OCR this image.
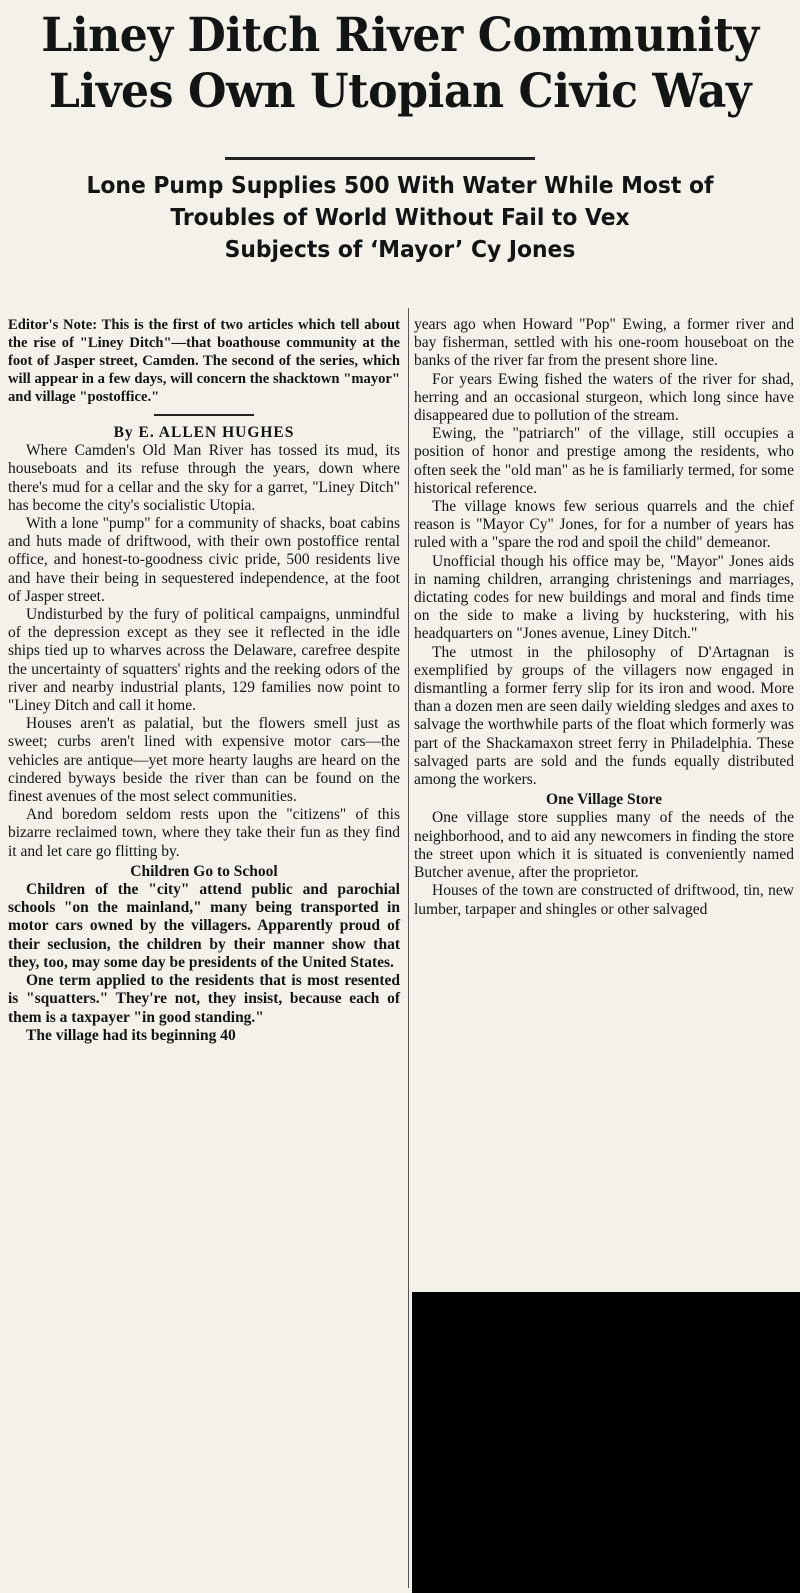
Liney Ditch River Community
Lives Own Utopian Civic Way
Lone Pump Supplies 500 With Water While Most of
Troubles of World Without Fail to Vex
Subjects of ‘Mayor’ Cy Jones

Editor's Note: This is the first of two articles which tell about the rise of "Liney Ditch"—that boathouse community at the foot of Jasper street, Camden. The second of the series, which will appear in a few days, will concern the shacktown "mayor" and village "postoffice."

By E. ALLEN HUGHES

Where Camden's Old Man River has tossed its mud, its houseboats and its refuse through the years, down where there's mud for a cellar and the sky for a garret, "Liney Ditch" has become the city's socialistic Utopia.

With a lone "pump" for a community of shacks, boat cabins and huts made of driftwood, with their own postoffice rental office, and honest-to-goodness civic pride, 500 residents live and have their being in sequestered independence, at the foot of Jasper street.

Undisturbed by the fury of political campaigns, unmindful of the depression except as they see it reflected in the idle ships tied up to wharves across the Delaware, carefree despite the uncertainty of squatters' rights and the reeking odors of the river and nearby industrial plants, 129 families now point to "Liney Ditch and call it home.

Houses aren't as palatial, but the flowers smell just as sweet; curbs aren't lined with expensive motor cars—the vehicles are antique—yet more hearty laughs are heard on the cindered byways beside the river than can be found on the finest avenues of the most select communities.

And boredom seldom rests upon the "citizens" of this bizarre reclaimed town, where they take their fun as they find it and let care go flitting by.

Children Go to School

Children of the "city" attend public and parochial schools "on the mainland," many being transported in motor cars owned by the villagers. Apparently proud of their seclusion, the children by their manner show that they, too, may some day be presidents of the United States.

One term applied to the residents that is most resented is "squatters." They're not, they insist, because each of them is a taxpayer "in good standing."

The village had its beginning 40

years ago when Howard "Pop" Ewing, a former river and bay fisherman, settled with his one-room houseboat on the banks of the river far from the present shore line.

For years Ewing fished the waters of the river for shad, herring and an occasional sturgeon, which long since have disappeared due to pollution of the stream.

Ewing, the "patriarch" of the village, still occupies a position of honor and prestige among the residents, who often seek the "old man" as he is familiarly termed, for some historical reference.

The village knows few serious quarrels and the chief reason is "Mayor Cy" Jones, for for a number of years has ruled with a "spare the rod and spoil the child" demeanor.

Unofficial though his office may be, "Mayor" Jones aids in naming children, arranging christenings and marriages, dictating codes for new buildings and moral and finds time on the side to make a living by huckstering, with his headquarters on "Jones avenue, Liney Ditch."

The utmost in the philosophy of D'Artagnan is exemplified by groups of the villagers now engaged in dismantling a former ferry slip for its iron and wood. More than a dozen men are seen daily wielding sledges and axes to salvage the worthwhile parts of the float which formerly was part of the Shackamaxon street ferry in Philadelphia. These salvaged parts are sold and the funds equally distributed among the workers.

One Village Store

One village store supplies many of the needs of the neighborhood, and to aid any newcomers in finding the store the street upon which it is situated is conveniently named Butcher avenue, after the proprietor.

Houses of the town are constructed of driftwood, tin, new lumber, tarpaper and shingles or other salvaged
